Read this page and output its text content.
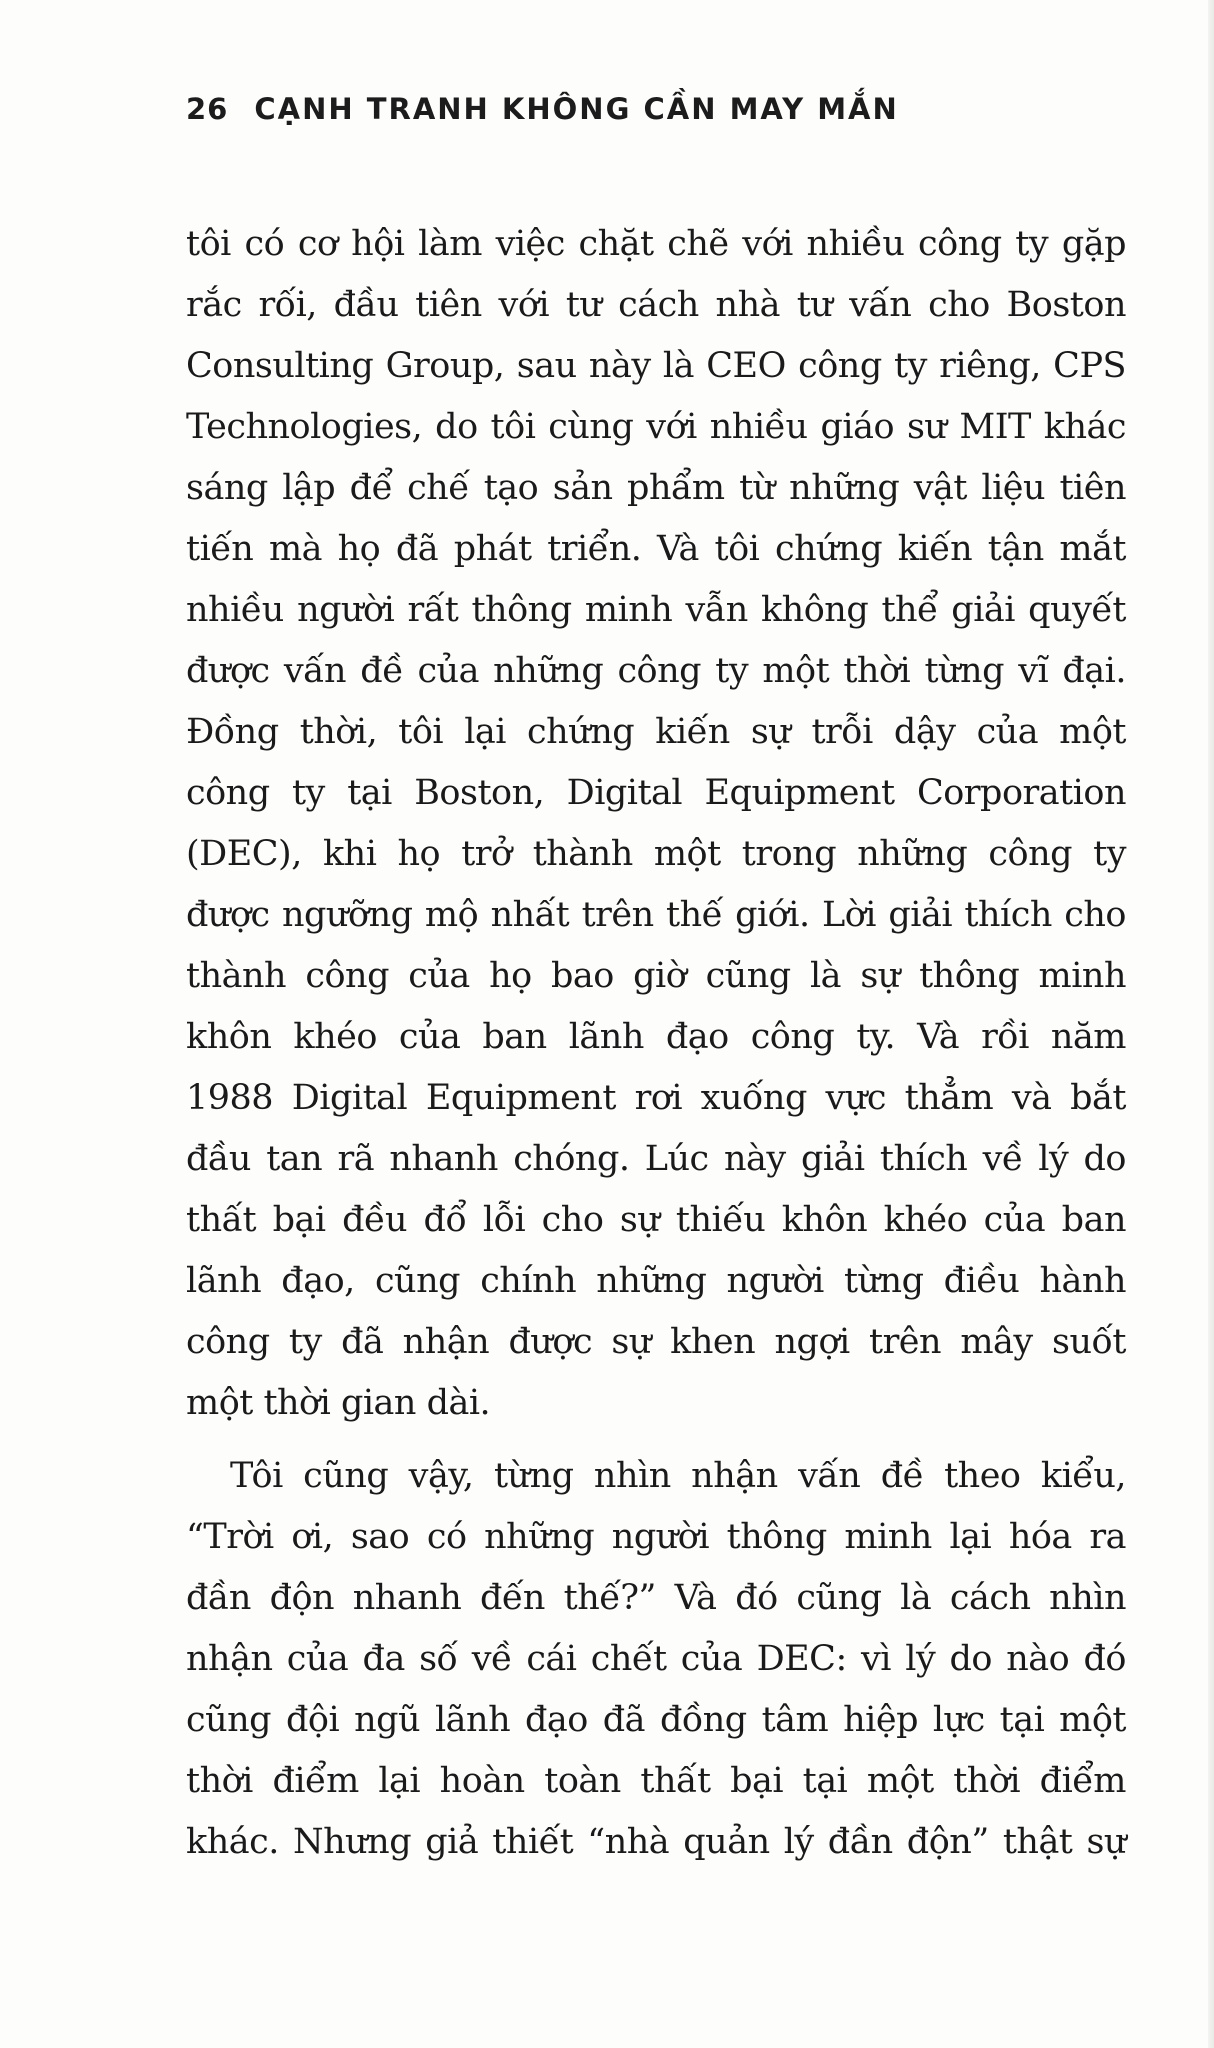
26 CẠNH TRANH KHÔNG CẦN MAY MẮN
tôi có cơ hội làm việc chặt chẽ với nhiều công ty gặp
rắc rối, đầu tiên với tư cách nhà tư vấn cho Boston
Consulting Group, sau này là CEO công ty riêng, CPS
Technologies, do tôi cùng với nhiều giáo sư MIT khác
sáng lập để chế tạo sản phẩm từ những vật liệu tiên
tiến mà họ đã phát triển. Và tôi chứng kiến tận mắt
nhiều người rất thông minh vẫn không thể giải quyết
được vấn đề của những công ty một thời từng vĩ đại.
Đồng thời, tôi lại chứng kiến sự trỗi dậy của một
công ty tại Boston, Digital Equipment Corporation
(DEC), khi họ trở thành một trong những công ty
được ngưỡng mộ nhất trên thế giới. Lời giải thích cho
thành công của họ bao giờ cũng là sự thông minh
khôn khéo của ban lãnh đạo công ty. Và rồi năm
1988 Digital Equipment rơi xuống vực thẳm và bắt
đầu tan rã nhanh chóng. Lúc này giải thích về lý do
thất bại đều đổ lỗi cho sự thiếu khôn khéo của ban
lãnh đạo, cũng chính những người từng điều hành
công ty đã nhận được sự khen ngợi trên mây suốt
một thời gian dài.
Tôi cũng vậy, từng nhìn nhận vấn đề theo kiểu,
“Trời ơi, sao có những người thông minh lại hóa ra
đần độn nhanh đến thế?” Và đó cũng là cách nhìn
nhận của đa số về cái chết của DEC: vì lý do nào đó
cũng đội ngũ lãnh đạo đã đồng tâm hiệp lực tại một
thời điểm lại hoàn toàn thất bại tại một thời điểm
khác. Nhưng giả thiết “nhà quản lý đần độn” thật sự
